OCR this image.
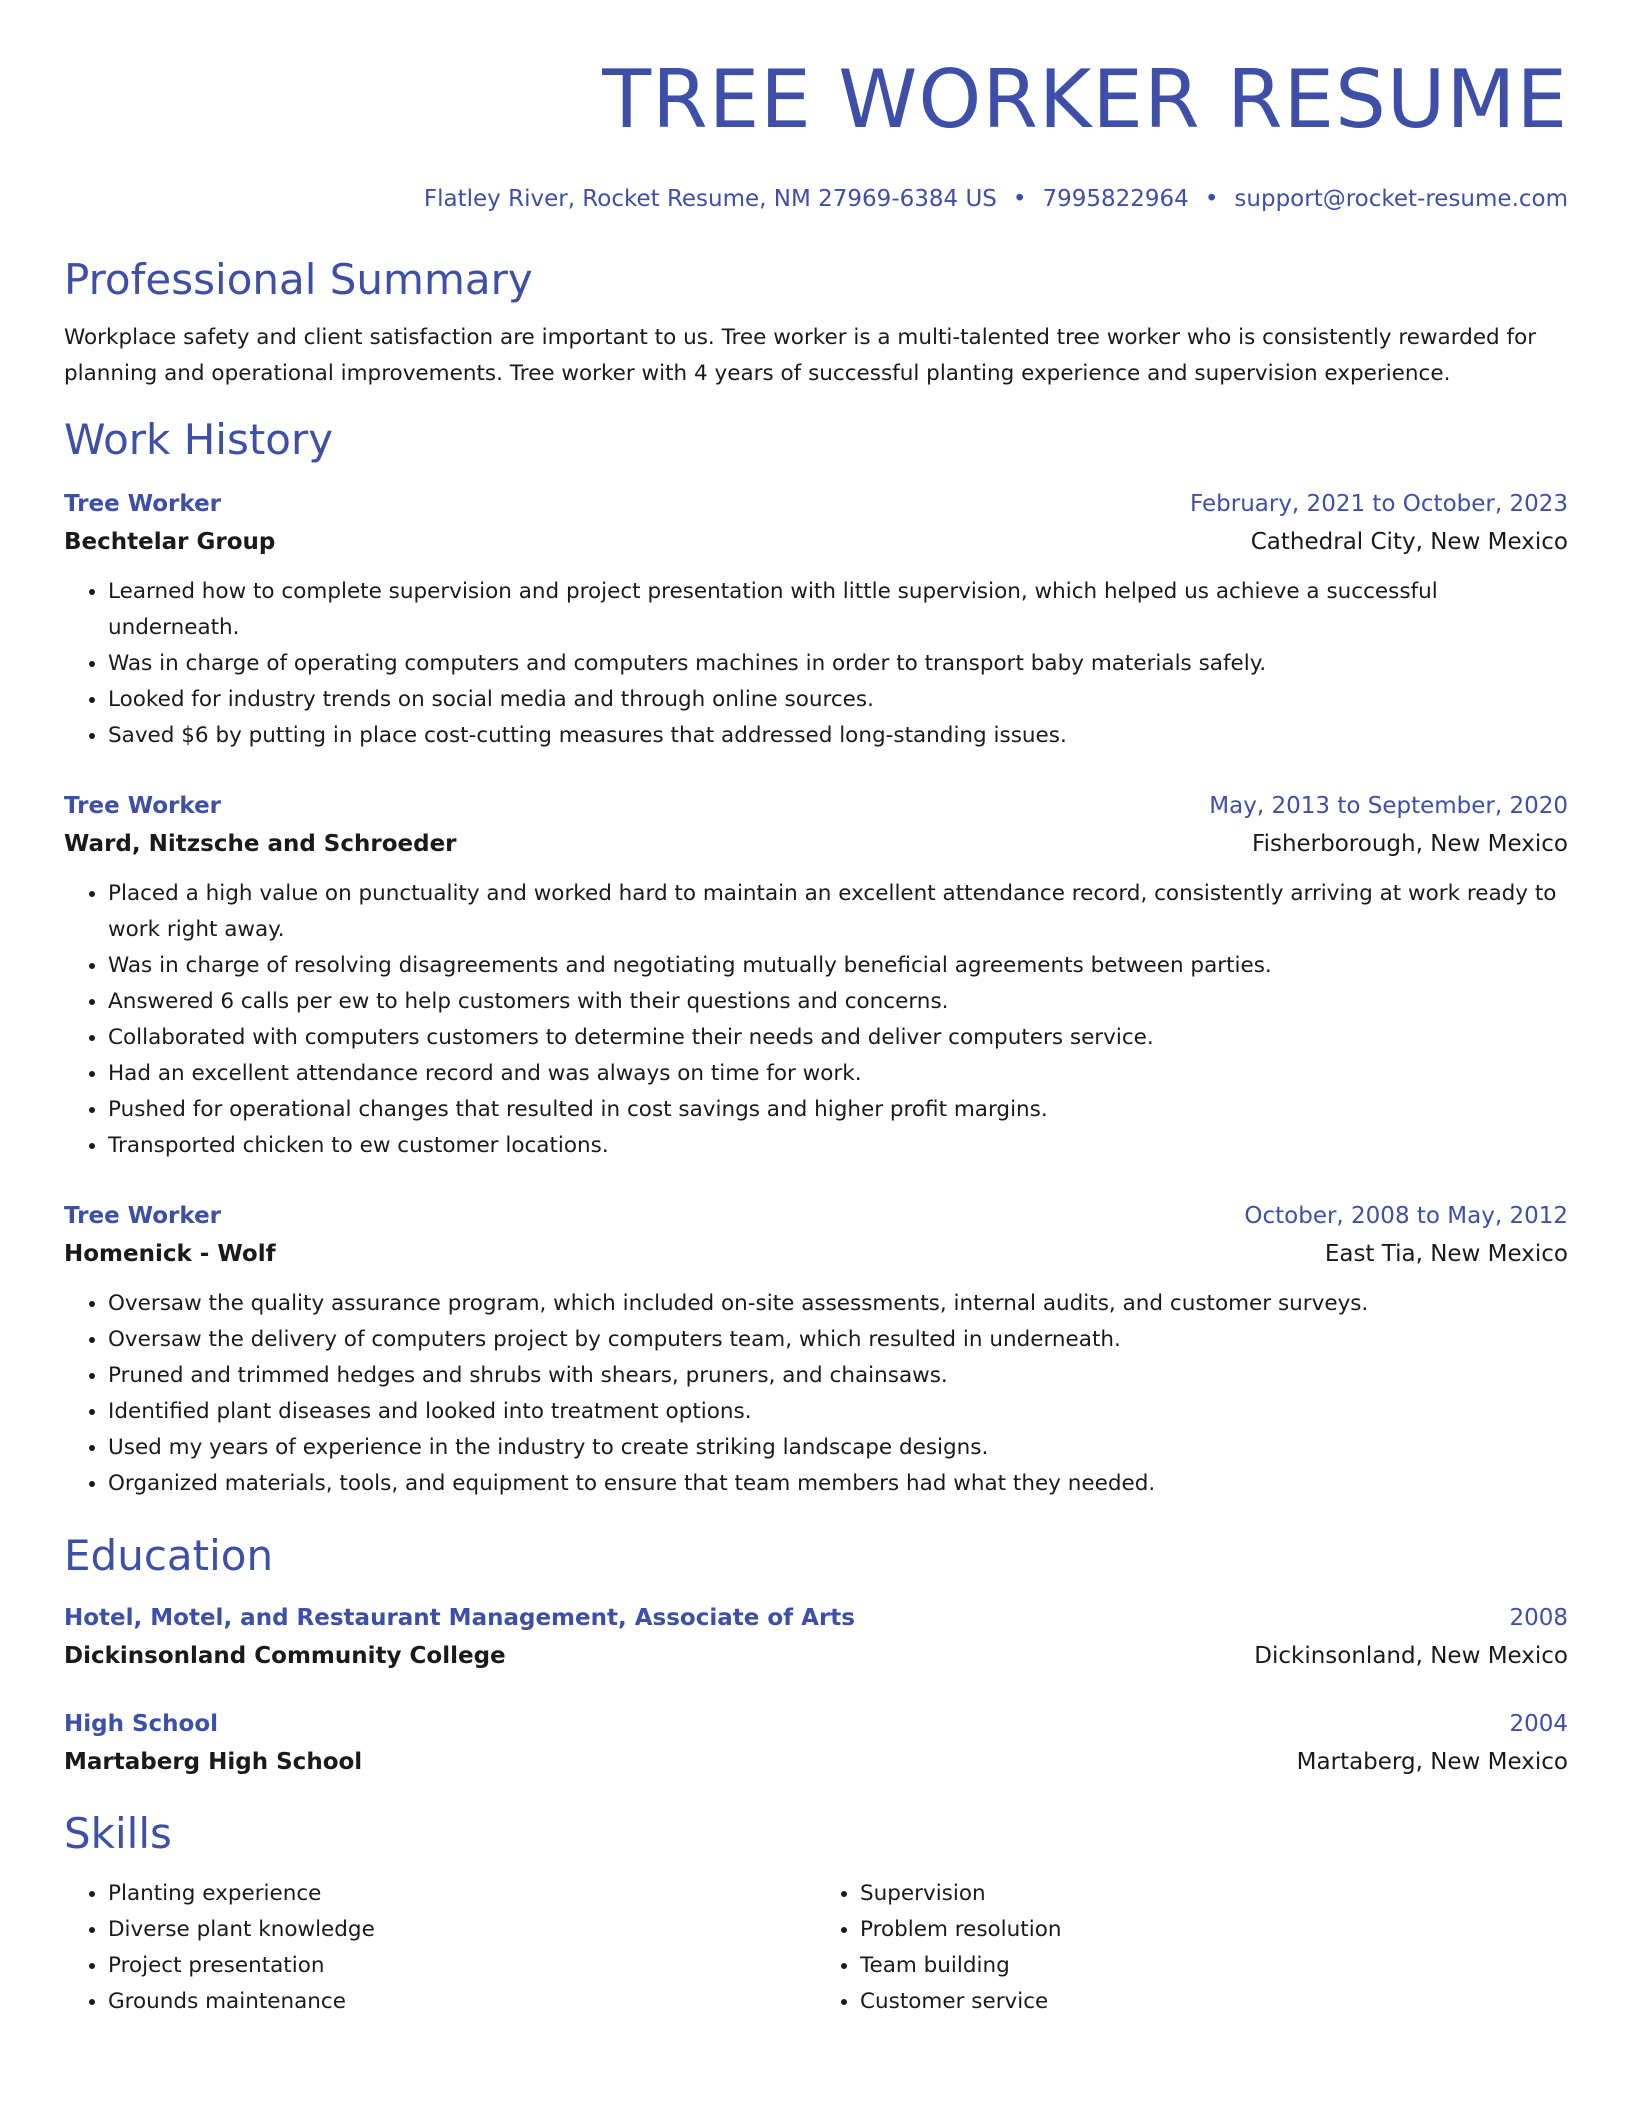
TREE WORKER RESUME
Flatley River, Rocket Resume, NM 27969-6384 US • 7995822964 • support@rocket-resume.com
Professional Summary
Workplace safety and client satisfaction are important to us. Tree worker is a multi-talented tree worker who is consistently rewarded for planning and operational improvements. Tree worker with 4 years of successful planting experience and supervision experience.
Work History
Tree Worker	February, 2021 to October, 2023
Bechtelar Group	Cathedral City, New Mexico
• Learned how to complete supervision and project presentation with little supervision, which helped us achieve a successful underneath.
• Was in charge of operating computers and computers machines in order to transport baby materials safely.
• Looked for industry trends on social media and through online sources.
• Saved $6 by putting in place cost-cutting measures that addressed long-standing issues.
Tree Worker	May, 2013 to September, 2020
Ward, Nitzsche and Schroeder	Fisherborough, New Mexico
• Placed a high value on punctuality and worked hard to maintain an excellent attendance record, consistently arriving at work ready to work right away.
• Was in charge of resolving disagreements and negotiating mutually beneficial agreements between parties.
• Answered 6 calls per ew to help customers with their questions and concerns.
• Collaborated with computers customers to determine their needs and deliver computers service.
• Had an excellent attendance record and was always on time for work.
• Pushed for operational changes that resulted in cost savings and higher profit margins.
• Transported chicken to ew customer locations.
Tree Worker	October, 2008 to May, 2012
Homenick - Wolf	East Tia, New Mexico
• Oversaw the quality assurance program, which included on-site assessments, internal audits, and customer surveys.
• Oversaw the delivery of computers project by computers team, which resulted in underneath.
• Pruned and trimmed hedges and shrubs with shears, pruners, and chainsaws.
• Identified plant diseases and looked into treatment options.
• Used my years of experience in the industry to create striking landscape designs.
• Organized materials, tools, and equipment to ensure that team members had what they needed.
Education
Hotel, Motel, and Restaurant Management, Associate of Arts	2008
Dickinsonland Community College	Dickinsonland, New Mexico
High School	2004
Martaberg High School	Martaberg, New Mexico
Skills
• Planting experience
• Diverse plant knowledge
• Project presentation
• Grounds maintenance
• Supervision
• Problem resolution
• Team building
• Customer service
